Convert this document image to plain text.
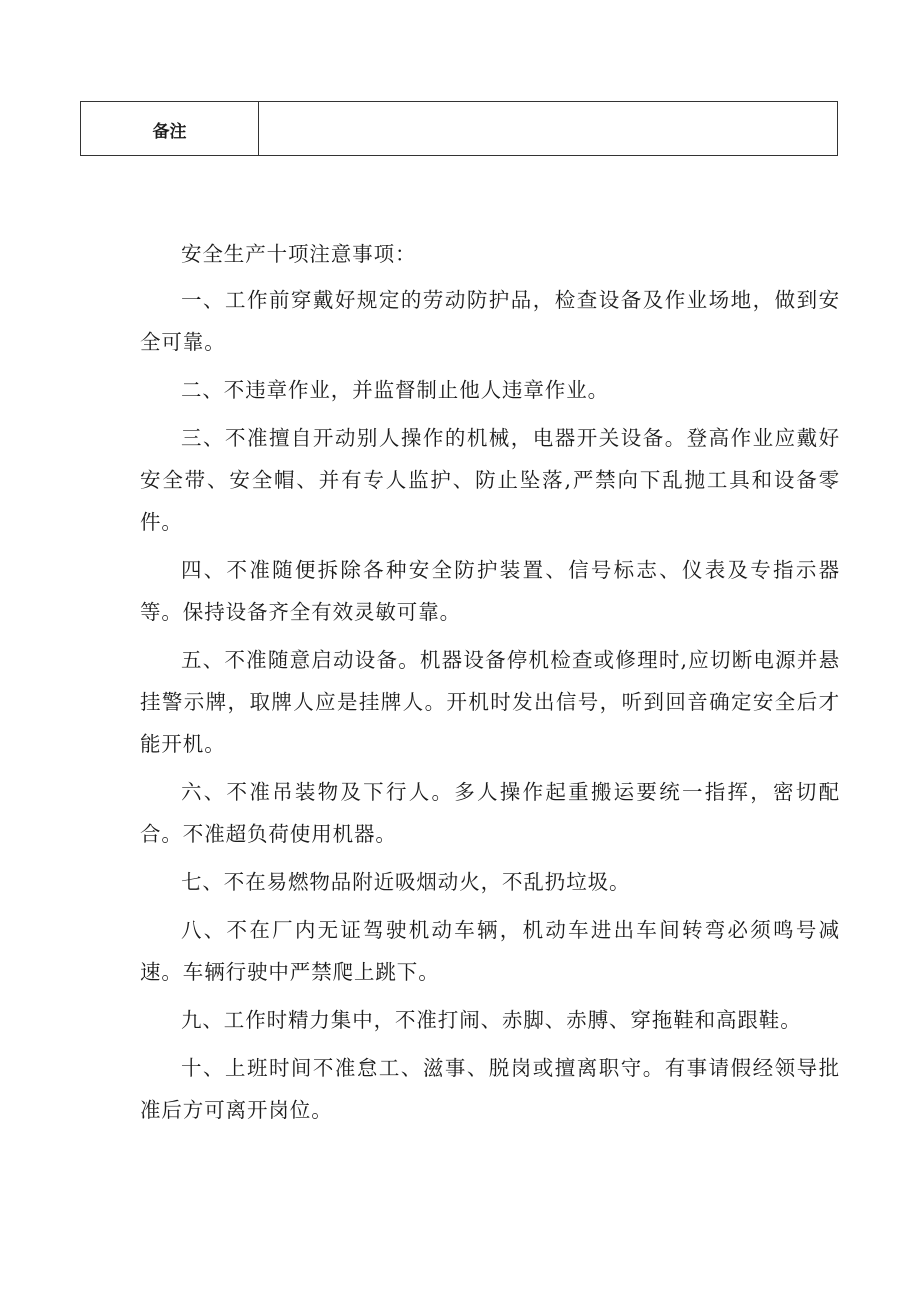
备注

安全生产十项注意事项：

一、工作前穿戴好规定的劳动防护品，检查设备及作业场地，做到安全可靠。

二、不违章作业，并监督制止他人违章作业。

三、不准擅自开动别人操作的机械，电器开关设备。登高作业应戴好安全带、安全帽、并有专人监护、防止坠落,严禁向下乱抛工具和设备零件。

四、不准随便拆除各种安全防护装置、信号标志、仪表及专指示器等。保持设备齐全有效灵敏可靠。

五、不准随意启动设备。机器设备停机检查或修理时,应切断电源并悬挂警示牌，取牌人应是挂牌人。开机时发出信号，听到回音确定安全后才能开机。

六、不准吊装物及下行人。多人操作起重搬运要统一指挥，密切配合。不准超负荷使用机器。

七、不在易燃物品附近吸烟动火，不乱扔垃圾。

八、不在厂内无证驾驶机动车辆，机动车进出车间转弯必须鸣号减速。车辆行驶中严禁爬上跳下。

九、工作时精力集中，不准打闹、赤脚、赤膊、穿拖鞋和高跟鞋。

十、上班时间不准怠工、滋事、脱岗或擅离职守。有事请假经领导批准后方可离开岗位。
